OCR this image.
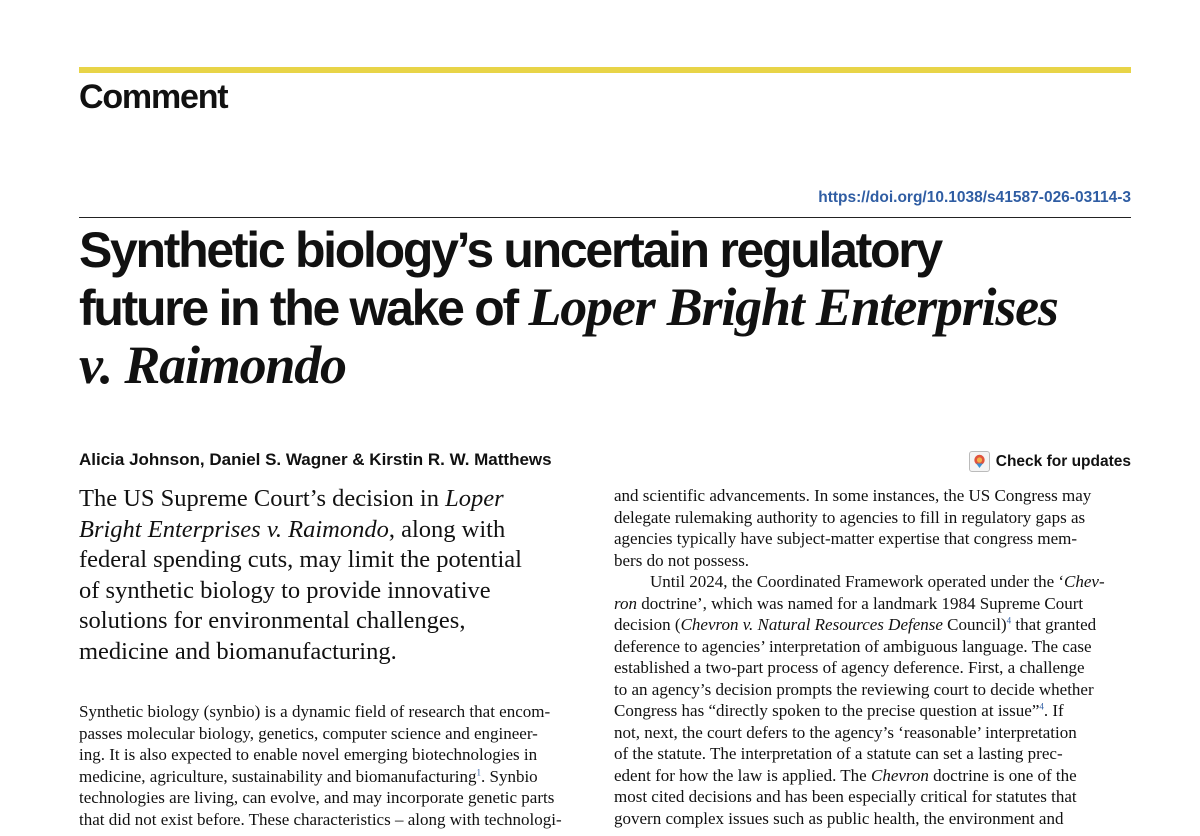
Comment
https://doi.org/10.1038/s41587-026-03114-3
Synthetic biology’s uncertain regulatory
future in the wake of Loper Bright Enterprises
v. Raimondo
Alicia Johnson, Daniel S. Wagner & Kirstin R. W. Matthews	Check for updates
The US Supreme Court’s decision in Loper
Bright Enterprises v. Raimondo, along with
federal spending cuts, may limit the potential
of synthetic biology to provide innovative
solutions for environmental challenges,
medicine and biomanufacturing.
Synthetic biology (synbio) is a dynamic field of research that encom-
passes molecular biology, genetics, computer science and engineer-
ing. It is also expected to enable novel emerging biotechnologies in
medicine, agriculture, sustainability and biomanufacturing$^1$. Synbio
technologies are living, can evolve, and may incorporate genetic parts
that did not exist before. These characteristics – along with technologi-
and scientific advancements. In some instances, the US Congress may
delegate rulemaking authority to agencies to fill in regulatory gaps as
agencies typically have subject-matter expertise that congress mem-
bers do not possess.
Until 2024, the Coordinated Framework operated under the ‘Chev-
ron doctrine’, which was named for a landmark 1984 Supreme Court
decision (Chevron v. Natural Resources Defense Council)$^4$ that granted
deference to agencies’ interpretation of ambiguous language. The case
established a two-part process of agency deference. First, a challenge
to an agency’s decision prompts the reviewing court to decide whether
Congress has “directly spoken to the precise question at issue”$^4$. If
not, next, the court defers to the agency’s ‘reasonable’ interpretation
of the statute. The interpretation of a statute can set a lasting prec-
edent for how the law is applied. The Chevron doctrine is one of the
most cited decisions and has been especially critical for statutes that
govern complex issues such as public health, the environment and
